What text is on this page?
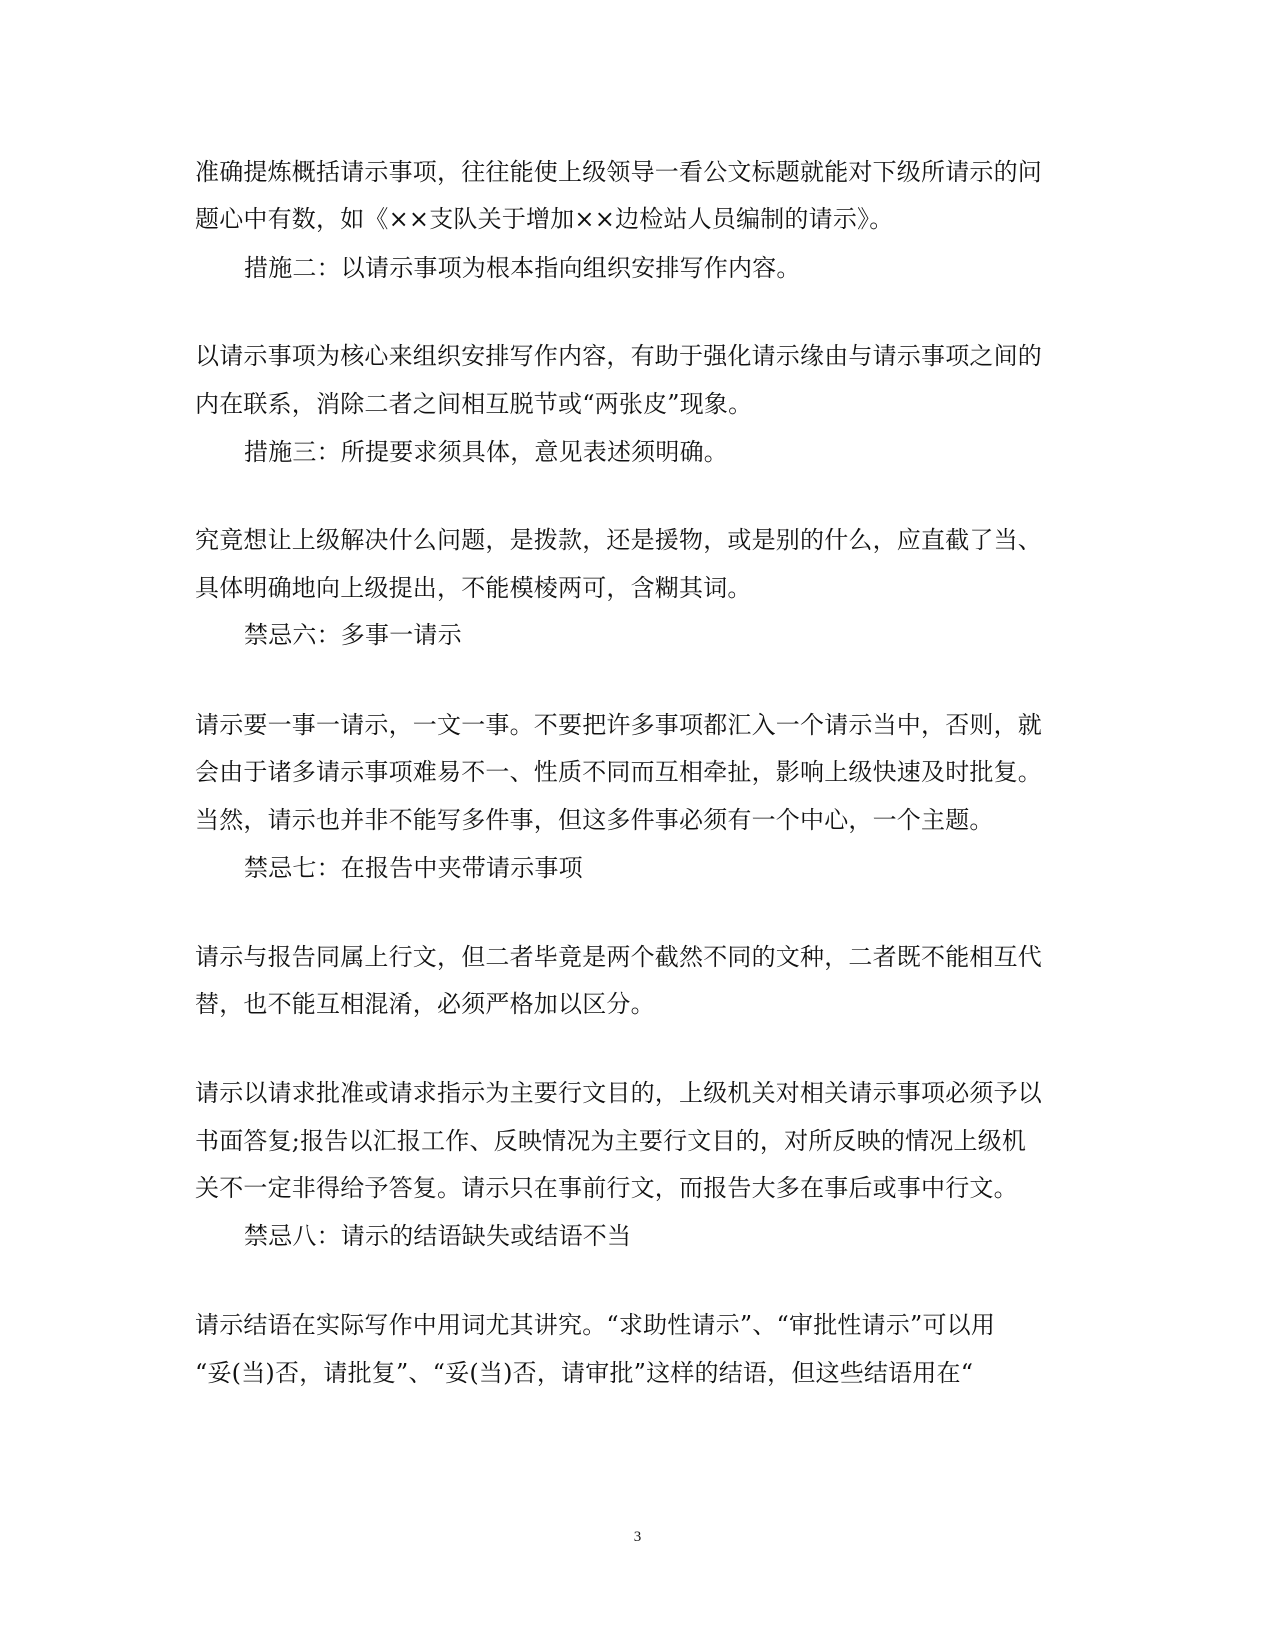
准确提炼概括请示事项，往往能使上级领导一看公文标题就能对下级所请示的问
题心中有数，如《××支队关于增加××边检站人员编制的请示》。
措施二：以请示事项为根本指向组织安排写作内容。
以请示事项为核心来组织安排写作内容，有助于强化请示缘由与请示事项之间的
内在联系，消除二者之间相互脱节或“两张皮”现象。
措施三：所提要求须具体，意见表述须明确。
究竟想让上级解决什么问题，是拨款，还是援物，或是别的什么，应直截了当、
具体明确地向上级提出，不能模棱两可，含糊其词。
禁忌六：多事一请示
请示要一事一请示，一文一事。不要把许多事项都汇入一个请示当中，否则，就
会由于诸多请示事项难易不一、性质不同而互相牵扯，影响上级快速及时批复。
当然，请示也并非不能写多件事，但这多件事必须有一个中心，一个主题。
禁忌七：在报告中夹带请示事项
请示与报告同属上行文，但二者毕竟是两个截然不同的文种，二者既不能相互代
替，也不能互相混淆，必须严格加以区分。
请示以请求批准或请求指示为主要行文目的，上级机关对相关请示事项必须予以
书面答复;报告以汇报工作、反映情况为主要行文目的，对所反映的情况上级机
关不一定非得给予答复。请示只在事前行文，而报告大多在事后或事中行文。
禁忌八：请示的结语缺失或结语不当
请示结语在实际写作中用词尤其讲究。“求助性请示”、“审批性请示”可以用
“妥(当)否，请批复”、“妥(当)否，请审批”这样的结语，但这些结语用在“
3
